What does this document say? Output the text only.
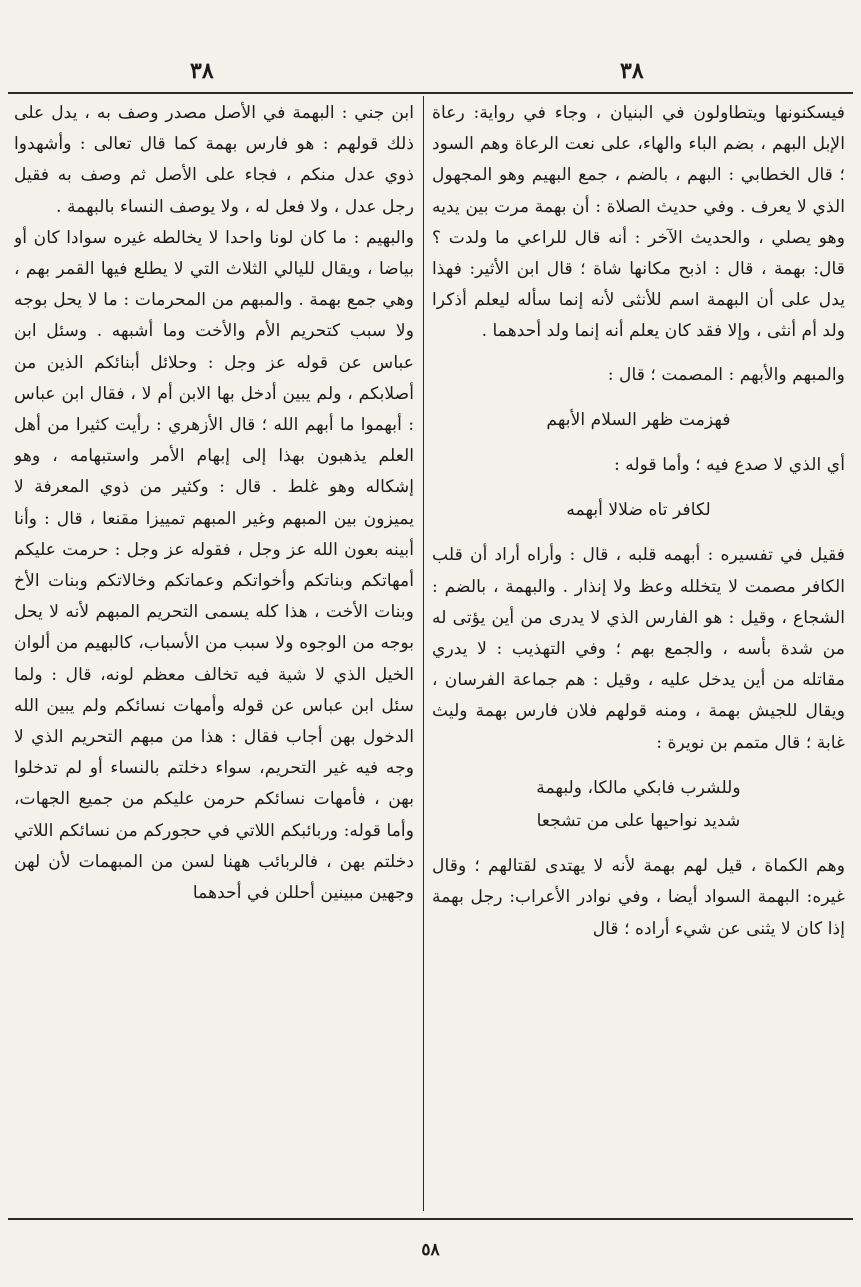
٣٨
٣٨

فيسكنونها ويتطاولون في البنيان ، وجاء في رواية: رعاة الإبل البهم ، بضم الباء والهاء، على نعت الرعاة وهم السود ؛ قال الخطابي : البهم ، بالضم ، جمع البهيم وهو المجهول الذي لا يعرف . وفي حديث الصلاة : أن بهمة مرت بين يديه وهو يصلي ، والحديث الآخر : أنه قال للراعي ما ولدت ؟ قال: بهمة ، قال : اذبح مكانها شاة ؛ قال ابن الأثير: فهذا يدل على أن البهمة اسم للأنثى لأنه إنما سأله ليعلم أذكرا ولد أم أنثى ، وإلا فقد كان يعلم أنه إنما ولد أحدهما .

والمبهم والأبهم : المصمت ؛ قال :

فهزمت ظهر السلام الأبهم

أي الذي لا صدع فيه ؛ وأما قوله :

لكافر تاه ضلالا أبهمه

فقيل في تفسيره : أبهمه قلبه ، قال : وأراه أراد أن قلب الكافر مصمت لا يتخلله وعظ ولا إنذار . والبهمة ، بالضم : الشجاع ، وقيل : هو الفارس الذي لا يدرى من أين يؤتى له من شدة بأسه ، والجمع بهم ؛ وفي التهذيب : لا يدري مقاتله من أين يدخل عليه ، وقيل : هم جماعة الفرسان ، ويقال للجيش بهمة ، ومنه قولهم فلان فارس بهمة وليث غابة ؛ قال متمم بن نويرة :

وللشرب فابكي مالكا، ولبهمة

شديد نواحيها على من تشجعا

وهم الكماة ، قيل لهم بهمة لأنه لا يهتدى لقتالهم ؛ وقال غيره: البهمة السواد أيضا ، وفي نوادر الأعراب: رجل بهمة إذا كان لا يثنى عن شيء أراده ؛ قال

ابن جني : البهمة في الأصل مصدر وصف به ، يدل على ذلك قولهم : هو فارس بهمة كما قال تعالى : وأشهدوا ذوي عدل منكم ، فجاء على الأصل ثم وصف به فقيل رجل عدل ، ولا فعل له ، ولا يوصف النساء بالبهمة .

والبهيم : ما كان لونا واحدا لا يخالطه غيره سوادا كان أو بياضا ، ويقال لليالي الثلاث التي لا يطلع فيها القمر بهم ، وهي جمع بهمة . والمبهم من المحرمات : ما لا يحل بوجه ولا سبب كتحريم الأم والأخت وما أشبهه . وسئل ابن عباس عن قوله عز وجل : وحلائل أبنائكم الذين من أصلابكم ، ولم يبين أدخل بها الابن أم لا ، فقال ابن عباس : أبهموا ما أبهم الله ؛ قال الأزهري : رأيت كثيرا من أهل العلم يذهبون بهذا إلى إبهام الأمر واستبهامه ، وهو إشكاله وهو غلط . قال : وكثير من ذوي المعرفة لا يميزون بين المبهم وغير المبهم تمييزا مقنعا ، قال : وأنا أبينه بعون الله عز وجل ، فقوله عز وجل : حرمت عليكم أمهاتكم وبناتكم وأخواتكم وعماتكم وخالاتكم وبنات الأخ وبنات الأخت ، هذا كله يسمى التحريم المبهم لأنه لا يحل بوجه من الوجوه ولا سبب من الأسباب، كالبهيم من ألوان الخيل الذي لا شية فيه تخالف معظم لونه، قال : ولما سئل ابن عباس عن قوله وأمهات نسائكم ولم يبين الله الدخول بهن أجاب فقال : هذا من مبهم التحريم الذي لا وجه فيه غير التحريم، سواء دخلتم بالنساء أو لم تدخلوا بهن ، فأمهات نسائكم حرمن عليكم من جميع الجهات، وأما قوله: وربائبكم اللاتي في حجوركم من نسائكم اللاتي دخلتم بهن ، فالربائب ههنا لسن من المبهمات لأن لهن وجهين مبينين أحللن في أحدهما

٥٨
